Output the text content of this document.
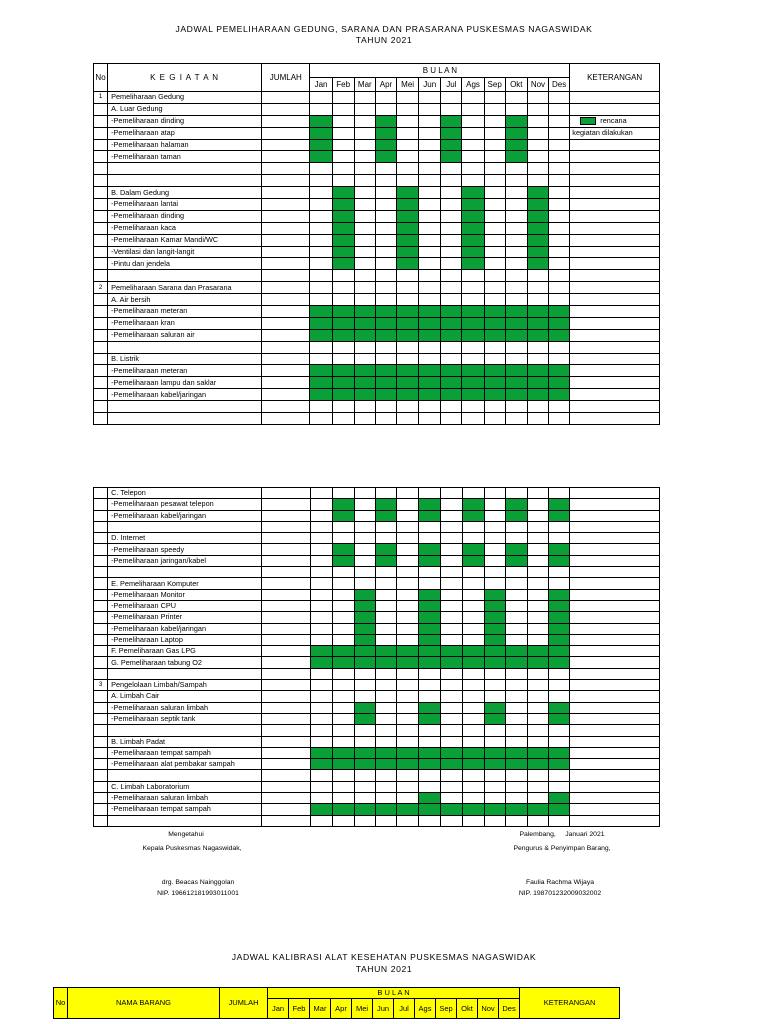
JADWAL PEMELIHARAAN GEDUNG, SARANA DAN PRASARANA PUSKESMAS NAGASWIDAK
TAHUN 2021
No	K E G I A T A N	JUMLAH	B U L A N												KETERANGAN
			Jan	Feb	Mar	Apr	Mei	Jun	Jul	Ags	Sep	Okt	Nov	Des	
1	Pemeliharaan Gedung														
	A. Luar Gedung														
	-Pemeliharaan dinding														rencana
	-Pemeliharaan atap														kegiatan dilakukan
	-Pemeliharaan halaman														
	-Pemeliharaan taman														

	B. Dalam Gedung														
	-Pemeliharaan lantai														
	-Pemeliharaan dinding														
	-Pemeliharaan kaca														
	-Pemeliharaan Kamar Mandi/WC														
	-Ventilasi dan langit-langit														
	-Pintu dan jendela														

2	Pemeliharaan Sarana dan Prasarana														
	A. Air bersih														
	-Pemeliharaan meteran														
	-Pemeliharaan kran														
	-Pemeliharaan saluran air														

	B. Listrik														
	-Pemeliharaan meteran														
	-Pemeliharaan lampu dan saklar														
	-Pemeliharaan kabel/jaringan														

	C. Telepon														
	-Pemeliharaan pesawat telepon														
	-Pemeliharaan kabel/jaringan														

	D. Internet														
	-Pemeliharaan speedy														
	-Pemeliharaan jaringan/kabel														

	E. Pemeliharaan Komputer														
	-Pemeliharaan Monitor														
	-Pemeliharaan CPU														
	-Pemeliharaan Printer														
	-Pemeliharaan kabel/jaringan														
	-Pemeliharaan Laptop														
	F. Pemeliharaan Gas LPG														
	G. Pemeliharaan tabung O2														

3	Pengelolaan Limbah/Sampah														
	A. Limbah Cair														
	-Pemeliharaan saluran limbah														
	-Pemeliharaan septik tank														

	B. Limbah Padat														
	-Pemeliharaan tempat sampah														
	-Pemeliharaan alat pembakar sampah														

	C. Limbah Laboratorium														
	-Pemeliharaan saluran limbah														
	-Pemeliharaan tempat sampah														

Mengetahui
Kepala Puskesmas Nagaswidak,
drg. Beacas Nainggolan
NIP. 196612181993011001
Palembang,     Januari 2021
Pengurus & Penyimpan Barang,
Faulia Rachma Wijaya
NIP. 198701232009032002
JADWAL KALIBRASI ALAT KESEHATAN PUSKESMAS NAGASWIDAK
TAHUN 2021
No	NAMA BARANG	JUMLAH	B U L A N												KETERANGAN
			Jan	Feb	Mar	Apr	Mei	Jun	Jul	Ags	Sep	Okt	Nov	Des	
